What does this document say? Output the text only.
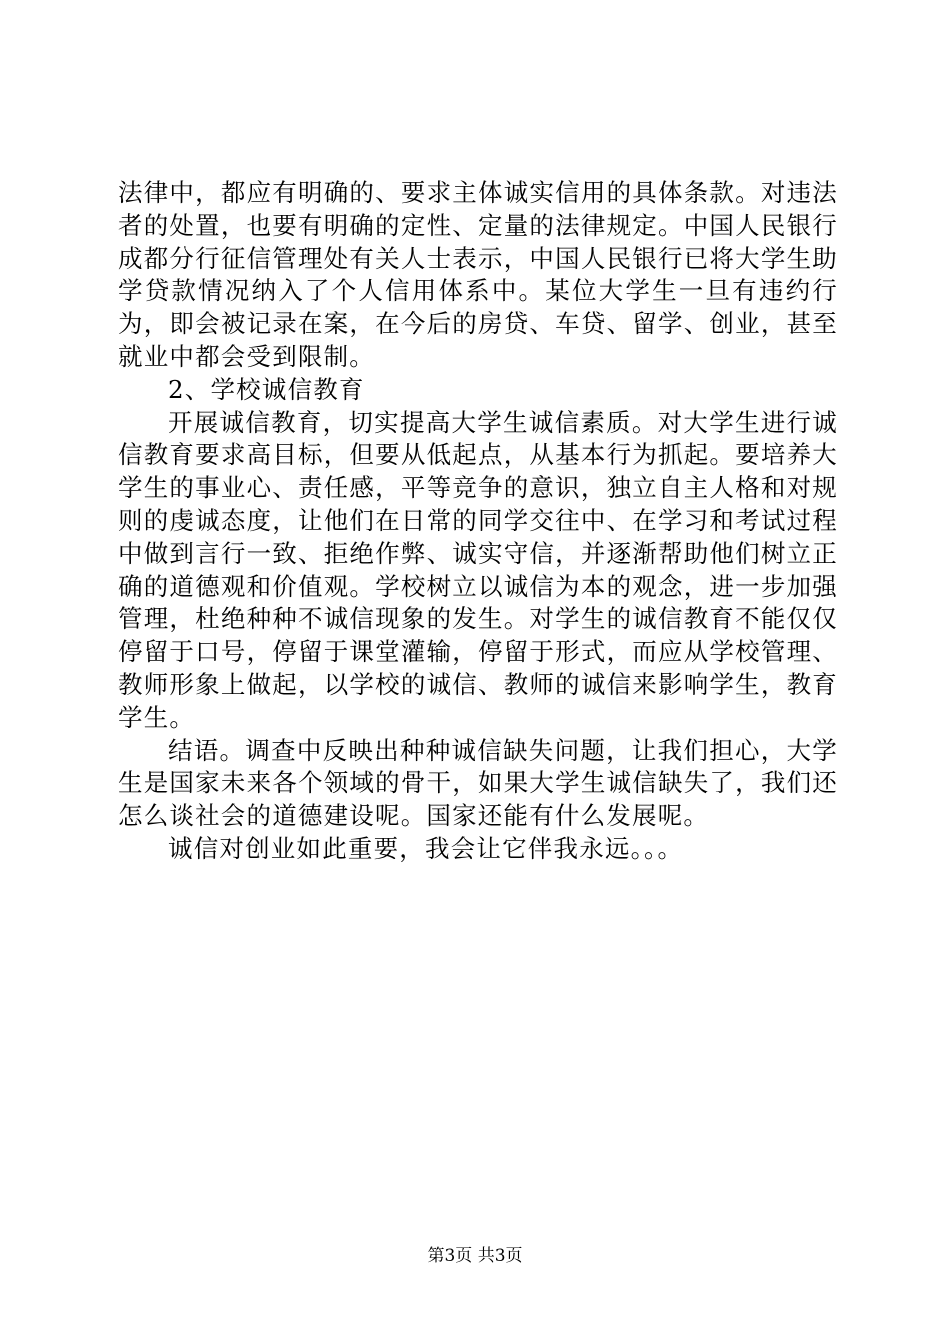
法律中，都应有明确的、要求主体诚实信用的具体条款。对违法者的处置，也要有明确的定性、定量的法律规定。中国人民银行成都分行征信管理处有关人士表示，中国人民银行已将大学生助学贷款情况纳入了个人信用体系中。某位大学生一旦有违约行为，即会被记录在案，在今后的房贷、车贷、留学、创业，甚至就业中都会受到限制。

2、学校诚信教育

开展诚信教育，切实提高大学生诚信素质。对大学生进行诚信教育要求高目标，但要从低起点，从基本行为抓起。要培养大学生的事业心、责任感，平等竞争的意识，独立自主人格和对规则的虔诚态度，让他们在日常的同学交往中、在学习和考试过程中做到言行一致、拒绝作弊、诚实守信，并逐渐帮助他们树立正确的道德观和价值观。学校树立以诚信为本的观念，进一步加强管理，杜绝种种不诚信现象的发生。对学生的诚信教育不能仅仅停留于口号，停留于课堂灌输，停留于形式，而应从学校管理、教师形象上做起，以学校的诚信、教师的诚信来影响学生，教育学生。

结语。调查中反映出种种诚信缺失问题，让我们担心，大学生是国家未来各个领域的骨干，如果大学生诚信缺失了，我们还怎么谈社会的道德建设呢。国家还能有什么发展呢。

诚信对创业如此重要，我会让它伴我永远。。。

第3页 共3页
